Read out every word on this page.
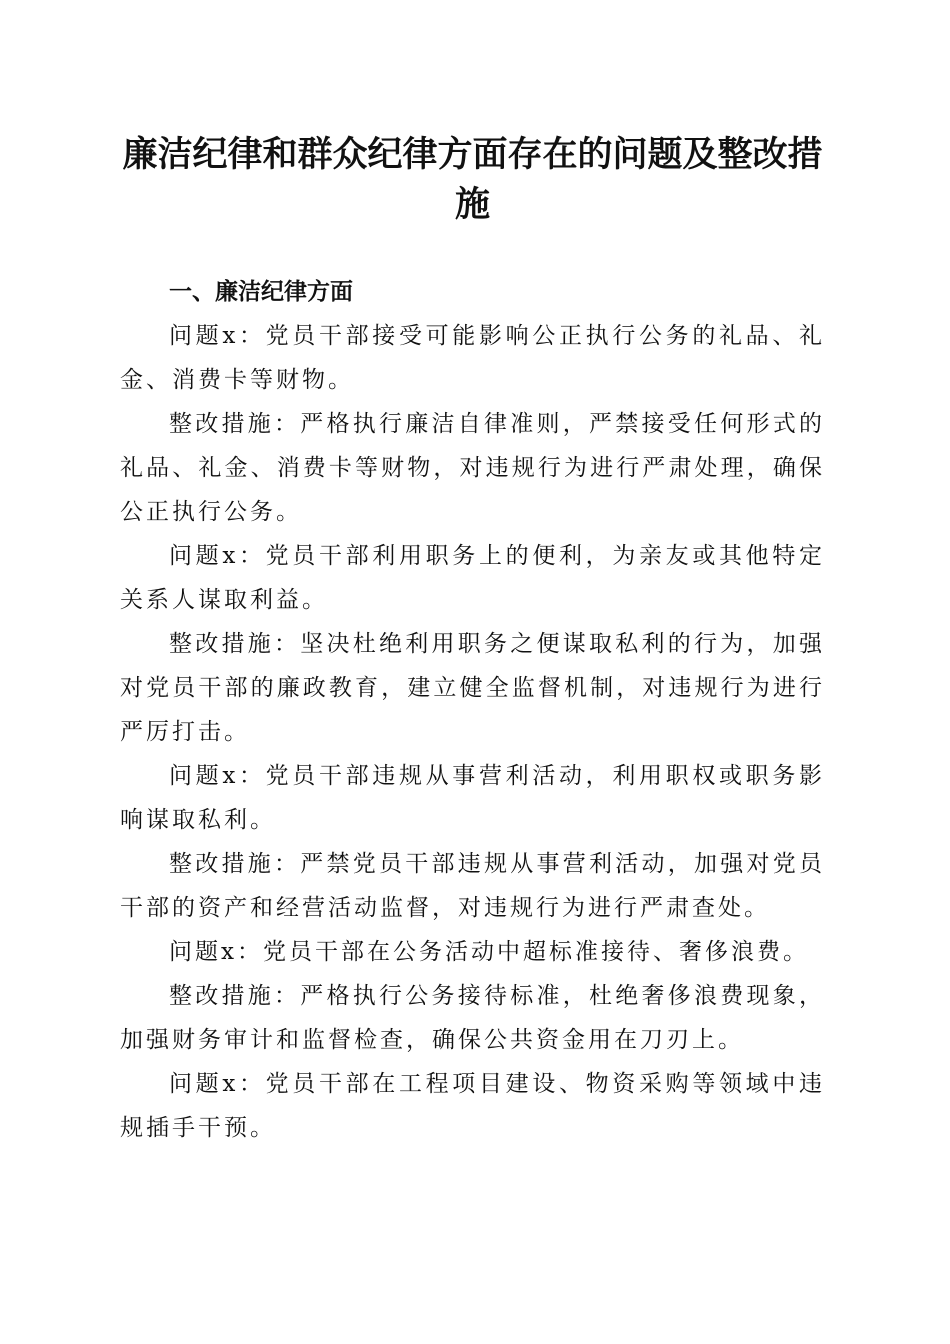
廉洁纪律和群众纪律方面存在的问题及整改措施

一、廉洁纪律方面

问题x：党员干部接受可能影响公正执行公务的礼品、礼金、消费卡等财物。

整改措施：严格执行廉洁自律准则，严禁接受任何形式的礼品、礼金、消费卡等财物，对违规行为进行严肃处理，确保公正执行公务。

问题x：党员干部利用职务上的便利，为亲友或其他特定关系人谋取利益。

整改措施：坚决杜绝利用职务之便谋取私利的行为，加强对党员干部的廉政教育，建立健全监督机制，对违规行为进行严厉打击。

问题x：党员干部违规从事营利活动，利用职权或职务影响谋取私利。

整改措施：严禁党员干部违规从事营利活动，加强对党员干部的资产和经营活动监督，对违规行为进行严肃查处。

问题x：党员干部在公务活动中超标准接待、奢侈浪费。

整改措施：严格执行公务接待标准，杜绝奢侈浪费现象，加强财务审计和监督检查，确保公共资金用在刀刃上。

问题x：党员干部在工程项目建设、物资采购等领域中违规插手干预。
